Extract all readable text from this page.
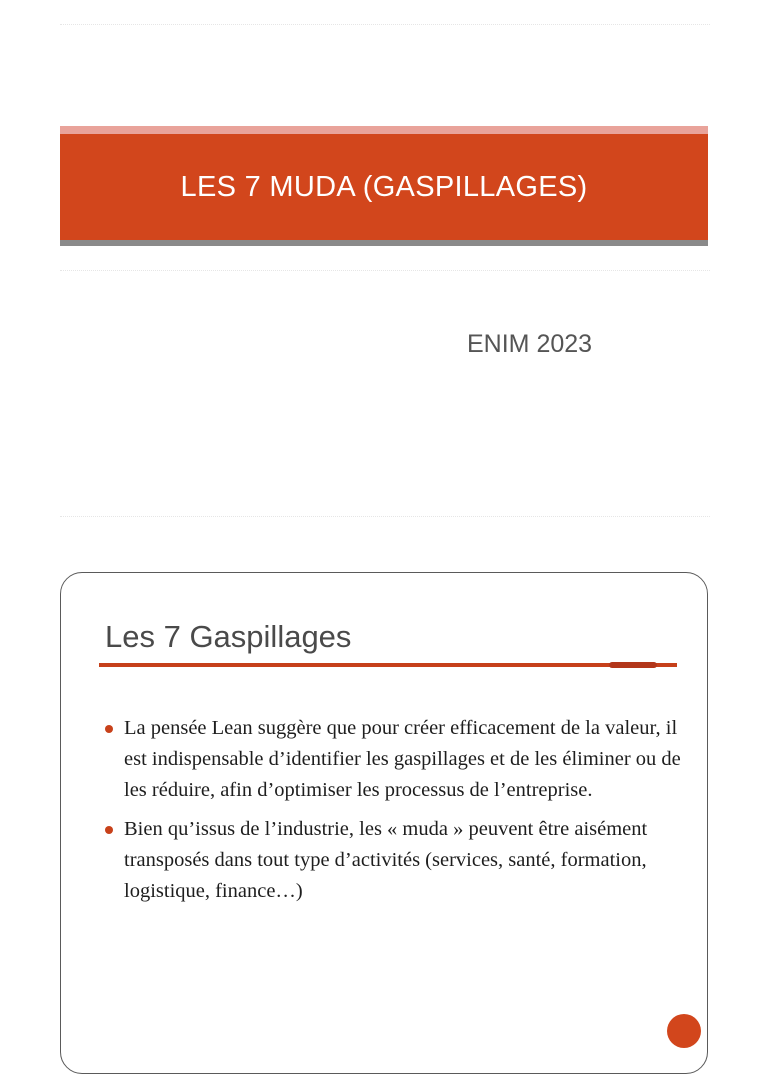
LES 7 MUDA (GASPILLAGES)
ENIM 2023
Les 7 Gaspillages
La pensée Lean suggère que pour créer efficacement de la valeur, il est indispensable d’identifier les gaspillages et de les éliminer ou de les réduire, afin d’optimiser les processus de l’entreprise.
Bien qu’issus de l’industrie, les « muda » peuvent être aisément transposés dans tout type d’activités (services, santé, formation, logistique, finance…)
